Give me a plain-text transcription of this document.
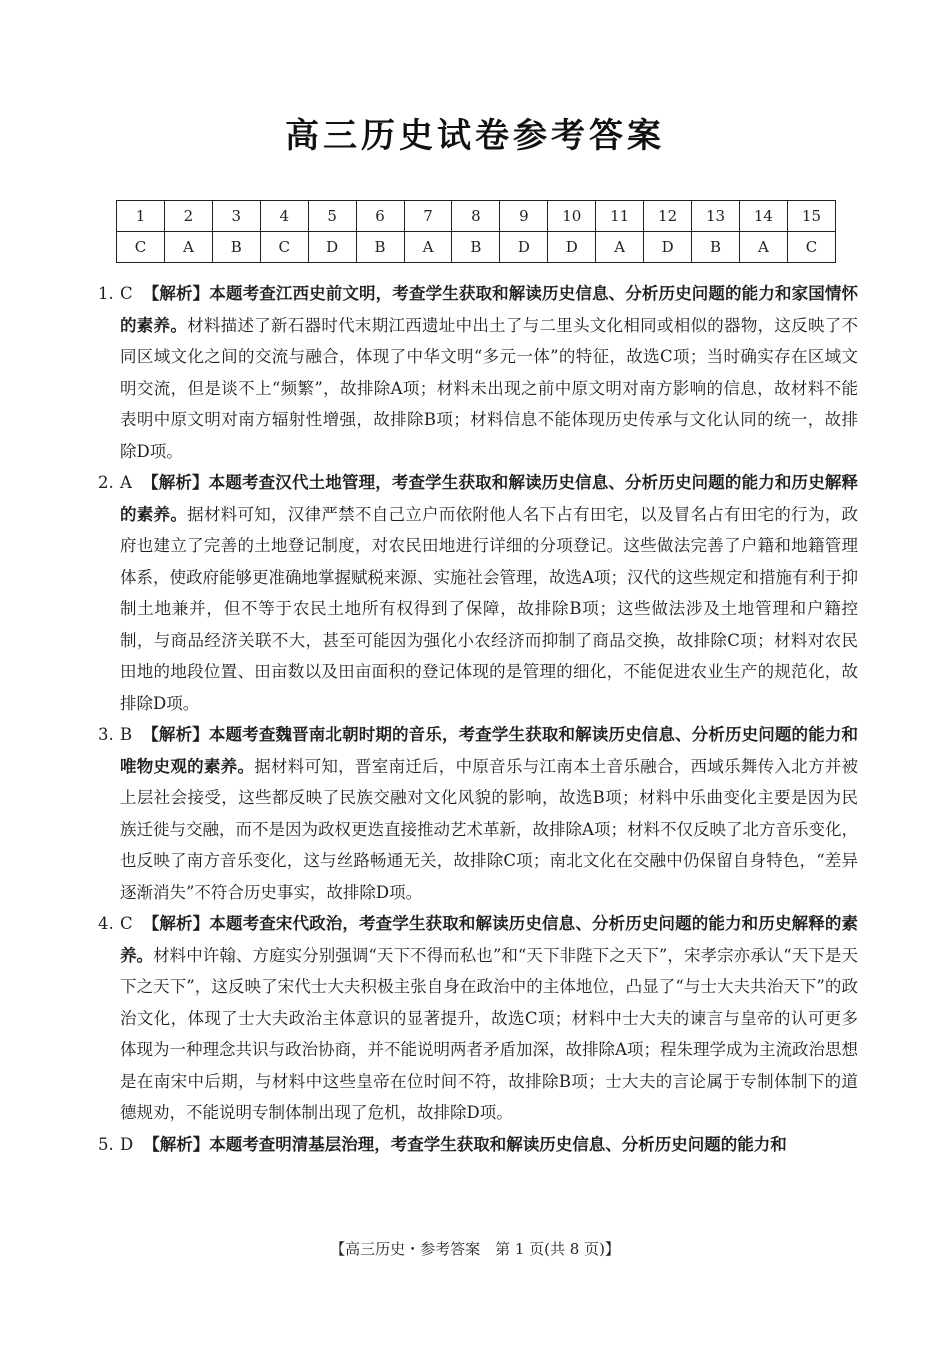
高三历史试卷参考答案
1	2	3	4	5	6	7	8	9	10	11	12	13	14	15
C	A	B	C	D	B	A	B	D	D	A	D	B	A	C
1. C 【解析】本题考查江西史前文明，考查学生获取和解读历史信息、分析历史问题的能力和家国情怀的素养。材料描述了新石器时代末期江西遗址中出土了与二里头文化相同或相似的器物，这反映了不同区域文化之间的交流与融合，体现了中华文明“多元一体”的特征，故选C项；当时确实存在区域文明交流，但是谈不上“频繁”，故排除A项；材料未出现之前中原文明对南方影响的信息，故材料不能表明中原文明对南方辐射性增强，故排除B项；材料信息不能体现历史传承与文化认同的统一，故排除D项。
2. A 【解析】本题考查汉代土地管理，考查学生获取和解读历史信息、分析历史问题的能力和历史解释的素养。据材料可知，汉律严禁不自己立户而依附他人名下占有田宅，以及冒名占有田宅的行为，政府也建立了完善的土地登记制度，对农民田地进行详细的分项登记。这些做法完善了户籍和地籍管理体系，使政府能够更准确地掌握赋税来源、实施社会管理，故选A项；汉代的这些规定和措施有利于抑制土地兼并，但不等于农民土地所有权得到了保障，故排除B项；这些做法涉及土地管理和户籍控制，与商品经济关联不大，甚至可能因为强化小农经济而抑制了商品交换，故排除C项；材料对农民田地的地段位置、田亩数以及田亩面积的登记体现的是管理的细化，不能促进农业生产的规范化，故排除D项。
3. B 【解析】本题考查魏晋南北朝时期的音乐，考查学生获取和解读历史信息、分析历史问题的能力和唯物史观的素养。据材料可知，晋室南迁后，中原音乐与江南本土音乐融合，西域乐舞传入北方并被上层社会接受，这些都反映了民族交融对文化风貌的影响，故选B项；材料中乐曲变化主要是因为民族迁徙与交融，而不是因为政权更迭直接推动艺术革新，故排除A项；材料不仅反映了北方音乐变化，也反映了南方音乐变化，这与丝路畅通无关，故排除C项；南北文化在交融中仍保留自身特色，“差异逐渐消失”不符合历史事实，故排除D项。
4. C 【解析】本题考查宋代政治，考查学生获取和解读历史信息、分析历史问题的能力和历史解释的素养。材料中许翰、方庭实分别强调“天下不得而私也”和“天下非陛下之天下”，宋孝宗亦承认“天下是天下之天下”，这反映了宋代士大夫积极主张自身在政治中的主体地位，凸显了“与士大夫共治天下”的政治文化，体现了士大夫政治主体意识的显著提升，故选C项；材料中士大夫的谏言与皇帝的认可更多体现为一种理念共识与政治协商，并不能说明两者矛盾加深，故排除A项；程朱理学成为主流政治思想是在南宋中后期，与材料中这些皇帝在位时间不符，故排除B项；士大夫的言论属于专制体制下的道德规劝，不能说明专制体制出现了危机，故排除D项。
5. D 【解析】本题考查明清基层治理，考查学生获取和解读历史信息、分析历史问题的能力和
【高三历史・参考答案　第 1 页(共 8 页)】
